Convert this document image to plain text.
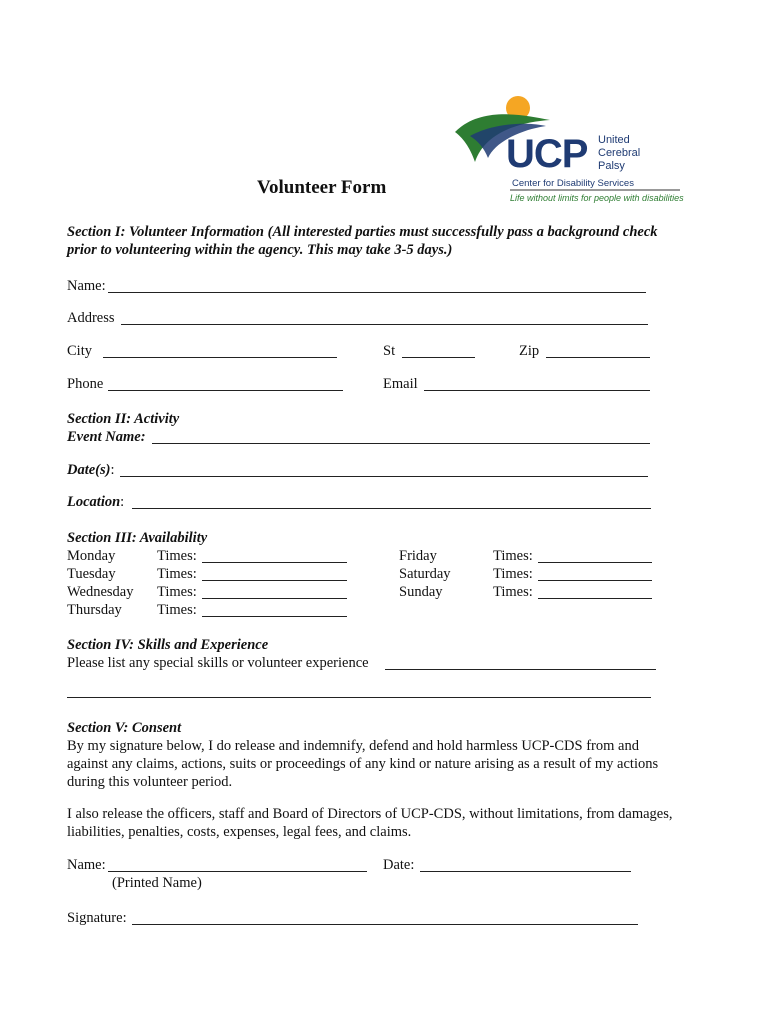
UCP United
Cerebral
Palsy
Center for Disability Services
Life without limits for people with disabilities
Volunteer Form
Section I: Volunteer Information (All interested parties must successfully pass a background check
prior to volunteering within the agency. This may take 3-5 days.)
Name:
Address
City	St	Zip
Phone	Email
Section II: Activity
Event Name:
Date(s):
Location:
Section III: Availability
Monday	Times:
Tuesday	Times:
Wednesday Times:
Thursday Times:
Friday	Times:
Saturday	Times:
Sunday	Times:
Section IV: Skills and Experience
Please list any special skills or volunteer experience
Section V: Consent
By my signature below, I do release and indemnify, defend and hold harmless UCP-CDS from and
against any claims, actions, suits or proceedings of any kind or nature arising as a result of my actions
during this volunteer period.
I also release the officers, staff and Board of Directors of UCP-CDS, without limitations, from damages,
liabilities, penalties, costs, expenses, legal fees, and claims.
Name:
(Printed Name)
Date:
Signature:
